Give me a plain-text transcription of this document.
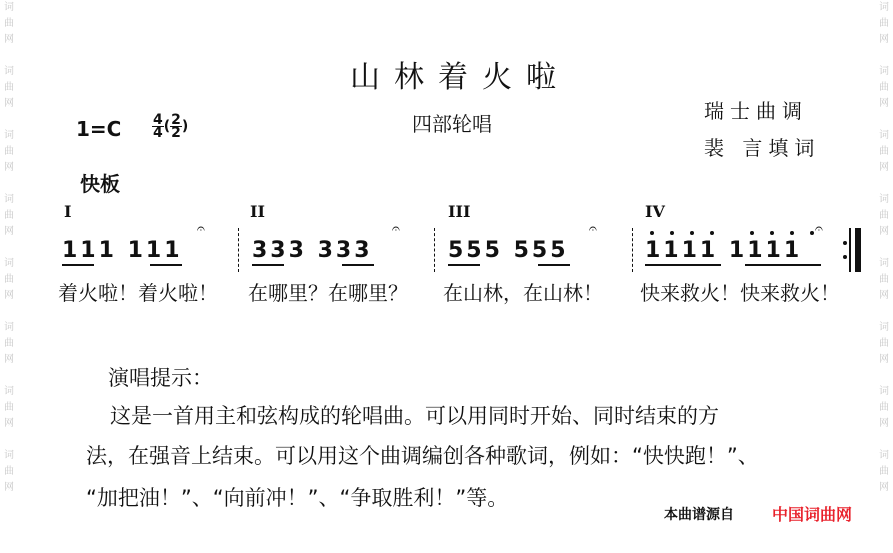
词
曲
网

词
曲
网

词
曲
网

词
曲
网

词
曲
网

词
曲
网

词
曲
网

词
曲
网
词
曲
网

词
曲
网

词
曲
网

词
曲
网

词
曲
网

词
曲
网

词
曲
网

词
曲
网
山林着火啦
$1=C \frac{4}{4}$ ( $\frac{2}{2}$ )	四部轮唱
瑞士曲调
裴 言填词
快板
I	II	III	IV
111 111	333 333	555 555	1111 1111
𝄐	𝄐	𝄐	𝄐
着火啦！着火啦！ 在哪里？在哪里？ 在山林，在山林！ 快来救火！快来救火！
演唱提示：
这是一首用主和弦构成的轮唱曲。可以用同时开始、同时结束的方
法，在强音上结束。可以用这个曲调编创各种歌词，例如：“快快跑！”、
“加把油！”、“向前冲！”、“争取胜利！”等。
本曲谱源自 中国词曲网
